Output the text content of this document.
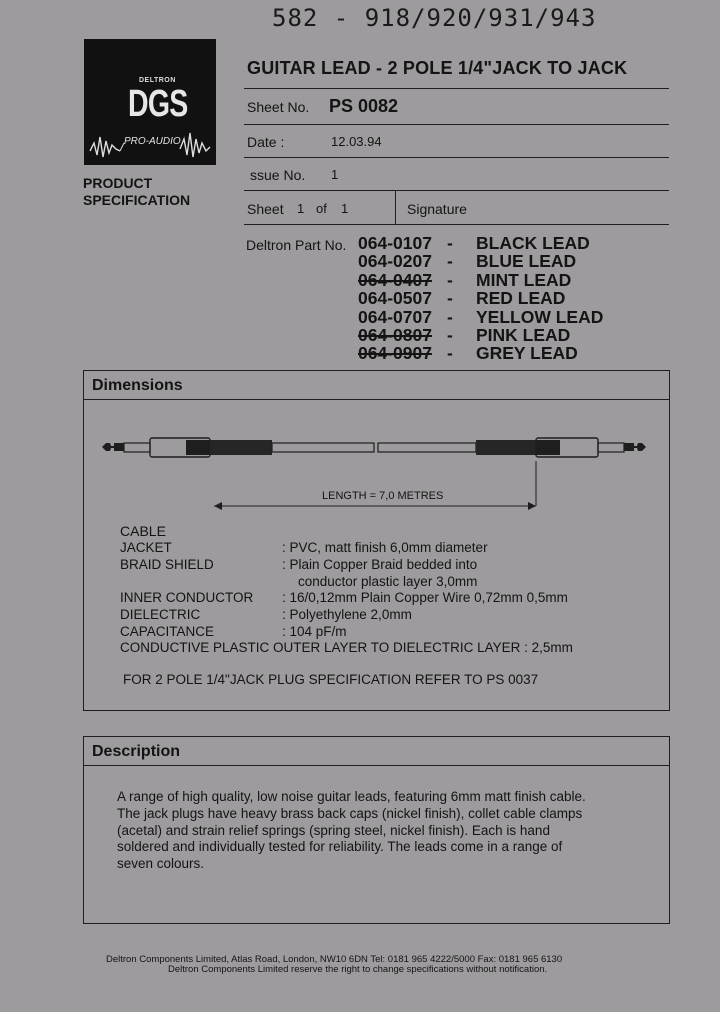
582 - 918/920/931/943
DELTRON
DGS
PRO-AUDIO
PRODUCT
SPECIFICATION
GUITAR LEAD - 2 POLE 1/4"JACK TO JACK
Sheet No. PS 0082
Date :	12.03.94
ssue No. 1
Sheet 1 of 1	Signature
Deltron Part No. 064-0107 - BLACK LEAD
064-0207 - BLUE LEAD
064-0407 - MINT LEAD
064-0507 - RED LEAD
064-0707 - YELLOW LEAD
064-0807 - PINK LEAD
064-0907 - GREY LEAD
Dimensions
LENGTH = 7,0 METRES
CABLE
JACKET	: PVC, matt finish 6,0mm diameter
BRAID SHIELD	: Plain Copper Braid bedded into
conductor plastic layer 3,0mm
INNER CONDUCTOR : 16/0,12mm Plain Copper Wire 0,72mm 0,5mm
DIELECTRIC	: Polyethylene 2,0mm
CAPACITANCE	: 104 pF/m
CONDUCTIVE PLASTIC OUTER LAYER TO DIELECTRIC LAYER : 2,5mm
FOR 2 POLE 1/4"JACK PLUG SPECIFICATION REFER TO PS 0037
Description

A range of high quality, low noise guitar leads, featuring 6mm matt finish cable.

The jack plugs have heavy brass back caps (nickel finish), collet cable clamps

(acetal) and strain relief springs (spring steel, nickel finish). Each is hand

soldered and individually tested for reliability. The leads come in a range of

seven colours.

Deltron Components Limited, Atlas Road, London, NW10 6DN Tel: 0181 965 4222/5000 Fax: 0181 965 6130
Deltron Components Limited reserve the right to change specifications without notification.
